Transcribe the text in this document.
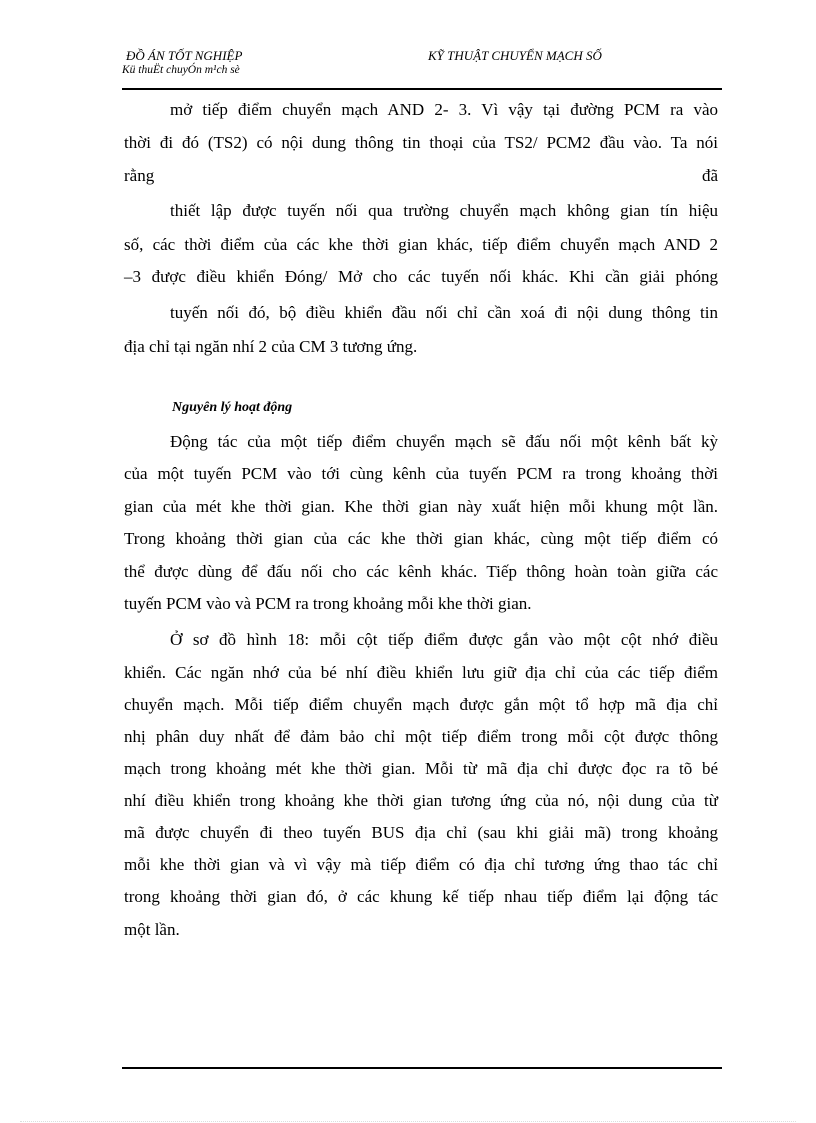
ĐỒ ÁN TỐT NGHIỆP
Kü thuËt chuyÓn m¹ch sè
KỸ THUẬT CHUYỂN MẠCH SỐ
mở tiếp điểm chuyển mạch AND 2- 3. Vì vậy tại đường PCM ra vào
thời đi đó (TS2) có nội dung thông tin thoại của TS2/ PCM2 đầu vào. Ta nói
rằng	đã
thiết lập được tuyến nối qua trường chuyển mạch không gian tín hiệu
số, các thời điểm của các khe thời gian khác, tiếp điểm chuyển mạch AND 2
–3 được điều khiển Đóng/ Mở cho các tuyến nối khác. Khi cần giải phóng
tuyến nối đó, bộ điều khiển đầu nối chỉ cần xoá đi nội dung thông tin
địa chỉ tại ngăn nhí 2 của CM 3 tương ứng.
Nguyên lý hoạt động
Động tác của một tiếp điểm chuyển mạch sẽ đấu nối một kênh bất kỳ
của một tuyến PCM vào tới cùng kênh của tuyến PCM ra trong khoảng thời
gian của mét khe thời gian. Khe thời gian này xuất hiện mỗi khung một lần.
Trong khoảng thời gian của các khe thời gian khác, cùng một tiếp điểm có
thể được dùng để đấu nối cho các kênh khác. Tiếp thông hoàn toàn giữa các
tuyến PCM vào và PCM ra trong khoảng mỗi khe thời gian.
Ở sơ đồ hình 18: mỗi cột tiếp điểm được gắn vào một cột nhớ điều
khiển. Các ngăn nhớ của bé nhí điều khiển lưu giữ địa chỉ của các tiếp điểm
chuyển mạch. Mỗi tiếp điểm chuyển mạch được gắn một tổ hợp mã địa chỉ
nhị phân duy nhất để đảm bảo chỉ một tiếp điểm trong mỗi cột được thông
mạch trong khoảng mét khe thời gian. Mỗi từ mã địa chỉ được đọc ra tõ bé
nhí điều khiển trong khoảng khe thời gian tương ứng của nó, nội dung của từ
mã được chuyển đi theo tuyến BUS địa chỉ (sau khi giải mã) trong khoảng
mỗi khe thời gian và vì vậy mà tiếp điểm có địa chỉ tương ứng thao tác chỉ
trong khoảng thời gian đó, ở các khung kế tiếp nhau tiếp điểm lại động tác
một lần.
